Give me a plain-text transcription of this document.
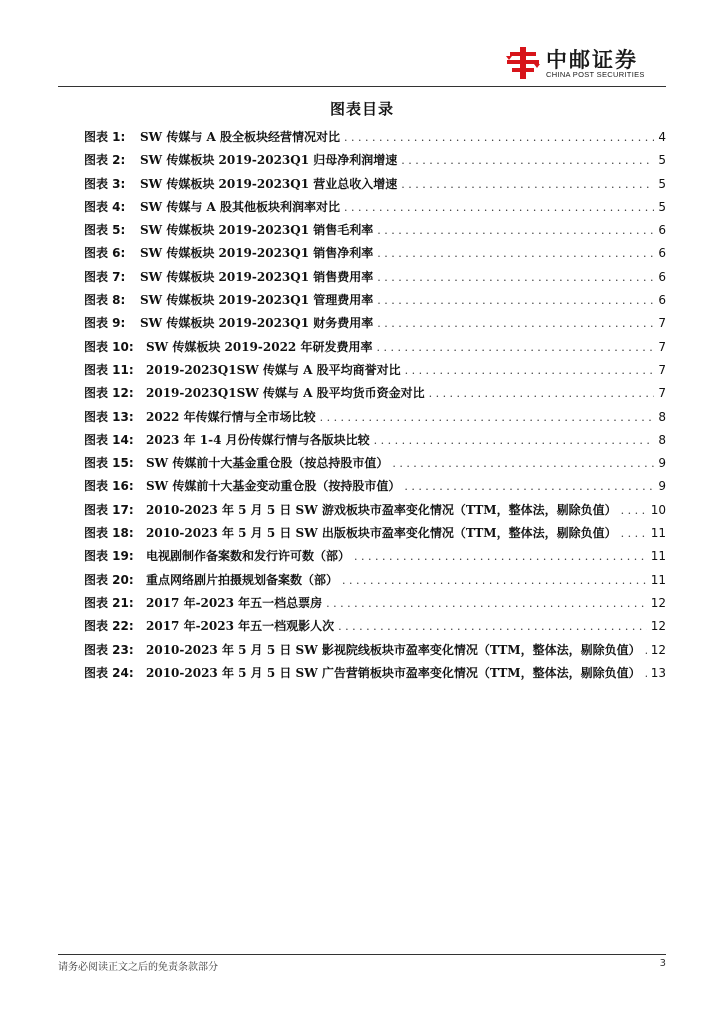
中邮证券
CHINA POST SECURITIES
图表目录
图表 1:	SW 传媒与 A 股全板块经营情况对比 . . .	4
图表 2:	SW 传媒板块 2019-2023Q1 归母净利润增速 . . .	5
图表 3:	SW 传媒板块 2019-2023Q1 营业总收入增速 . . .	5
图表 4:	SW 传媒与 A 股其他板块利润率对比 . . .	5
图表 5:	SW 传媒板块 2019-2023Q1 销售毛利率 . . .	6
图表 6:	SW 传媒板块 2019-2023Q1 销售净利率 . . .	6
图表 7:	SW 传媒板块 2019-2023Q1 销售费用率 . . .	6
图表 8:	SW 传媒板块 2019-2023Q1 管理费用率 . . .	6
图表 9:	SW 传媒板块 2019-2023Q1 财务费用率 . . .	7
图表 10:	SW 传媒板块 2019-2022 年研发费用率 . . .	7
图表 11:	2019-2023Q1SW 传媒与 A 股平均商誉对比 . . .	7
图表 12:	2019-2023Q1SW 传媒与 A 股平均货币资金对比 . . .	7
图表 13:	2022 年传媒行情与全市场比较 . . .	8
图表 14:	2023 年 1-4 月份传媒行情与各版块比较 . . .	8
图表 15:	SW 传媒前十大基金重仓股（按总持股市值） . . .	9
图表 16:	SW 传媒前十大基金变动重仓股（按持股市值） . . .	9
图表 17:	2010-2023 年 5 月 5 日 SW 游戏板块市盈率变化情况（TTM，整体法，剔除负值） . . .	10
图表 18:	2010-2023 年 5 月 5 日 SW 出版板块市盈率变化情况（TTM，整体法，剔除负值） . . .	11
图表 19:	电视剧制作备案数和发行许可数（部） . . .	11
图表 20:	重点网络剧片拍摄规划备案数（部） . . .	11
图表 21:	2017 年-2023 年五一档总票房 . . .	12
图表 22:	2017 年-2023 年五一档观影人次 . . .	12
图表 23:	2010-2023 年 5 月 5 日 SW 影视院线板块市盈率变化情况（TTM，整体法，剔除负值） . . . 12
图表 24:	2010-2023 年 5 月 5 日 SW 广告营销板块市盈率变化情况（TTM，整体法，剔除负值） . . . 13
请务必阅读正文之后的免责条款部分	3
